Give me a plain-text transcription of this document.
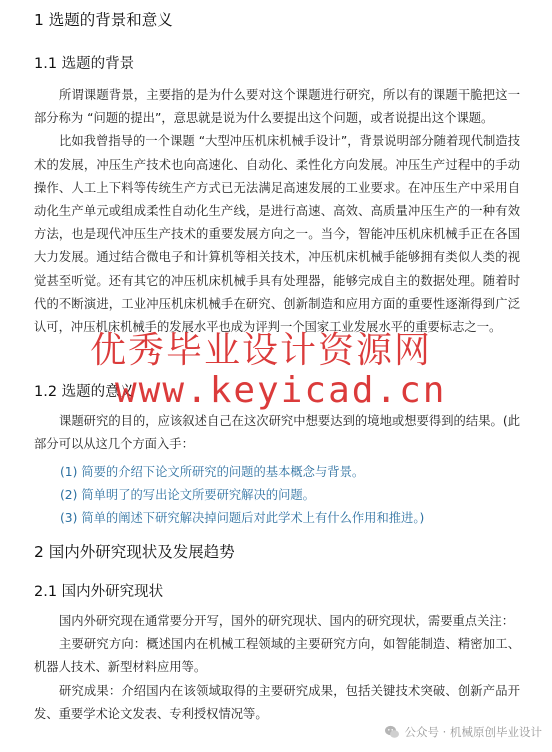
1 选题的背景和意义
1.1 选题的背景

所谓课题背景，主要指的是为什么要对这个课题进行研究，所以有的课题干脆把这一部分称为 “问题的提出”，意思就是说为什么要提出这个问题，或者说提出这个课题。

比如我曾指导的一个课题 “大型冲压机床机械手设计”，背景说明部分随着现代制造技术的发展，冲压生产技术也向高速化、自动化、柔性化方向发展。冲压生产过程中的手动操作、人工上下料等传统生产方式已无法满足高速发展的工业要求。在冲压生产中采用自动化生产单元或组成柔性自动化生产线，是进行高速、高效、高质量冲压生产的一种有效方法，也是现代冲压生产技术的重要发展方向之一。当今，智能冲压机床机械手正在各国大力发展。通过结合微电子和计算机等相关技术，冲压机床机械手能够拥有类似人类的视觉甚至听觉。还有其它的冲压机床机械手具有处理器，能够完成自主的数据处理。随着时代的不断演进，工业冲压机床机械手在研究、创新制造和应用方面的重要性逐渐得到广泛认可，冲压机床机械手的发展水平也成为评判一个国家工业发展水平的重要标志之一。

1.2 选题的意义

课题研究的目的，应该叙述自己在这次研究中想要达到的境地或想要得到的结果。(此部分可以从这几个方面入手：

(1) 简要的介绍下论文所研究的问题的基本概念与背景。
(2) 简单明了的写出论文所要研究解决的问题。
(3) 简单的阐述下研究解决掉问题后对此学术上有什么作用和推进。)
2 国内外研究现状及发展趋势
2.1 国内外研究现状

国内外研究现在通常要分开写，国外的研究现状、国内的研究现状，需要重点关注：

主要研究方向：概述国内在机械工程领域的主要研究方向，如智能制造、精密加工、机器人技术、新型材料应用等。

研究成果：介绍国内在该领域取得的主要研究成果，包括关键技术突破、创新产品开发、重要学术论文发表、专利授权情况等。

优秀毕业设计资源网
www.keyicad.cn
公众号 · 机械原创毕业设计
